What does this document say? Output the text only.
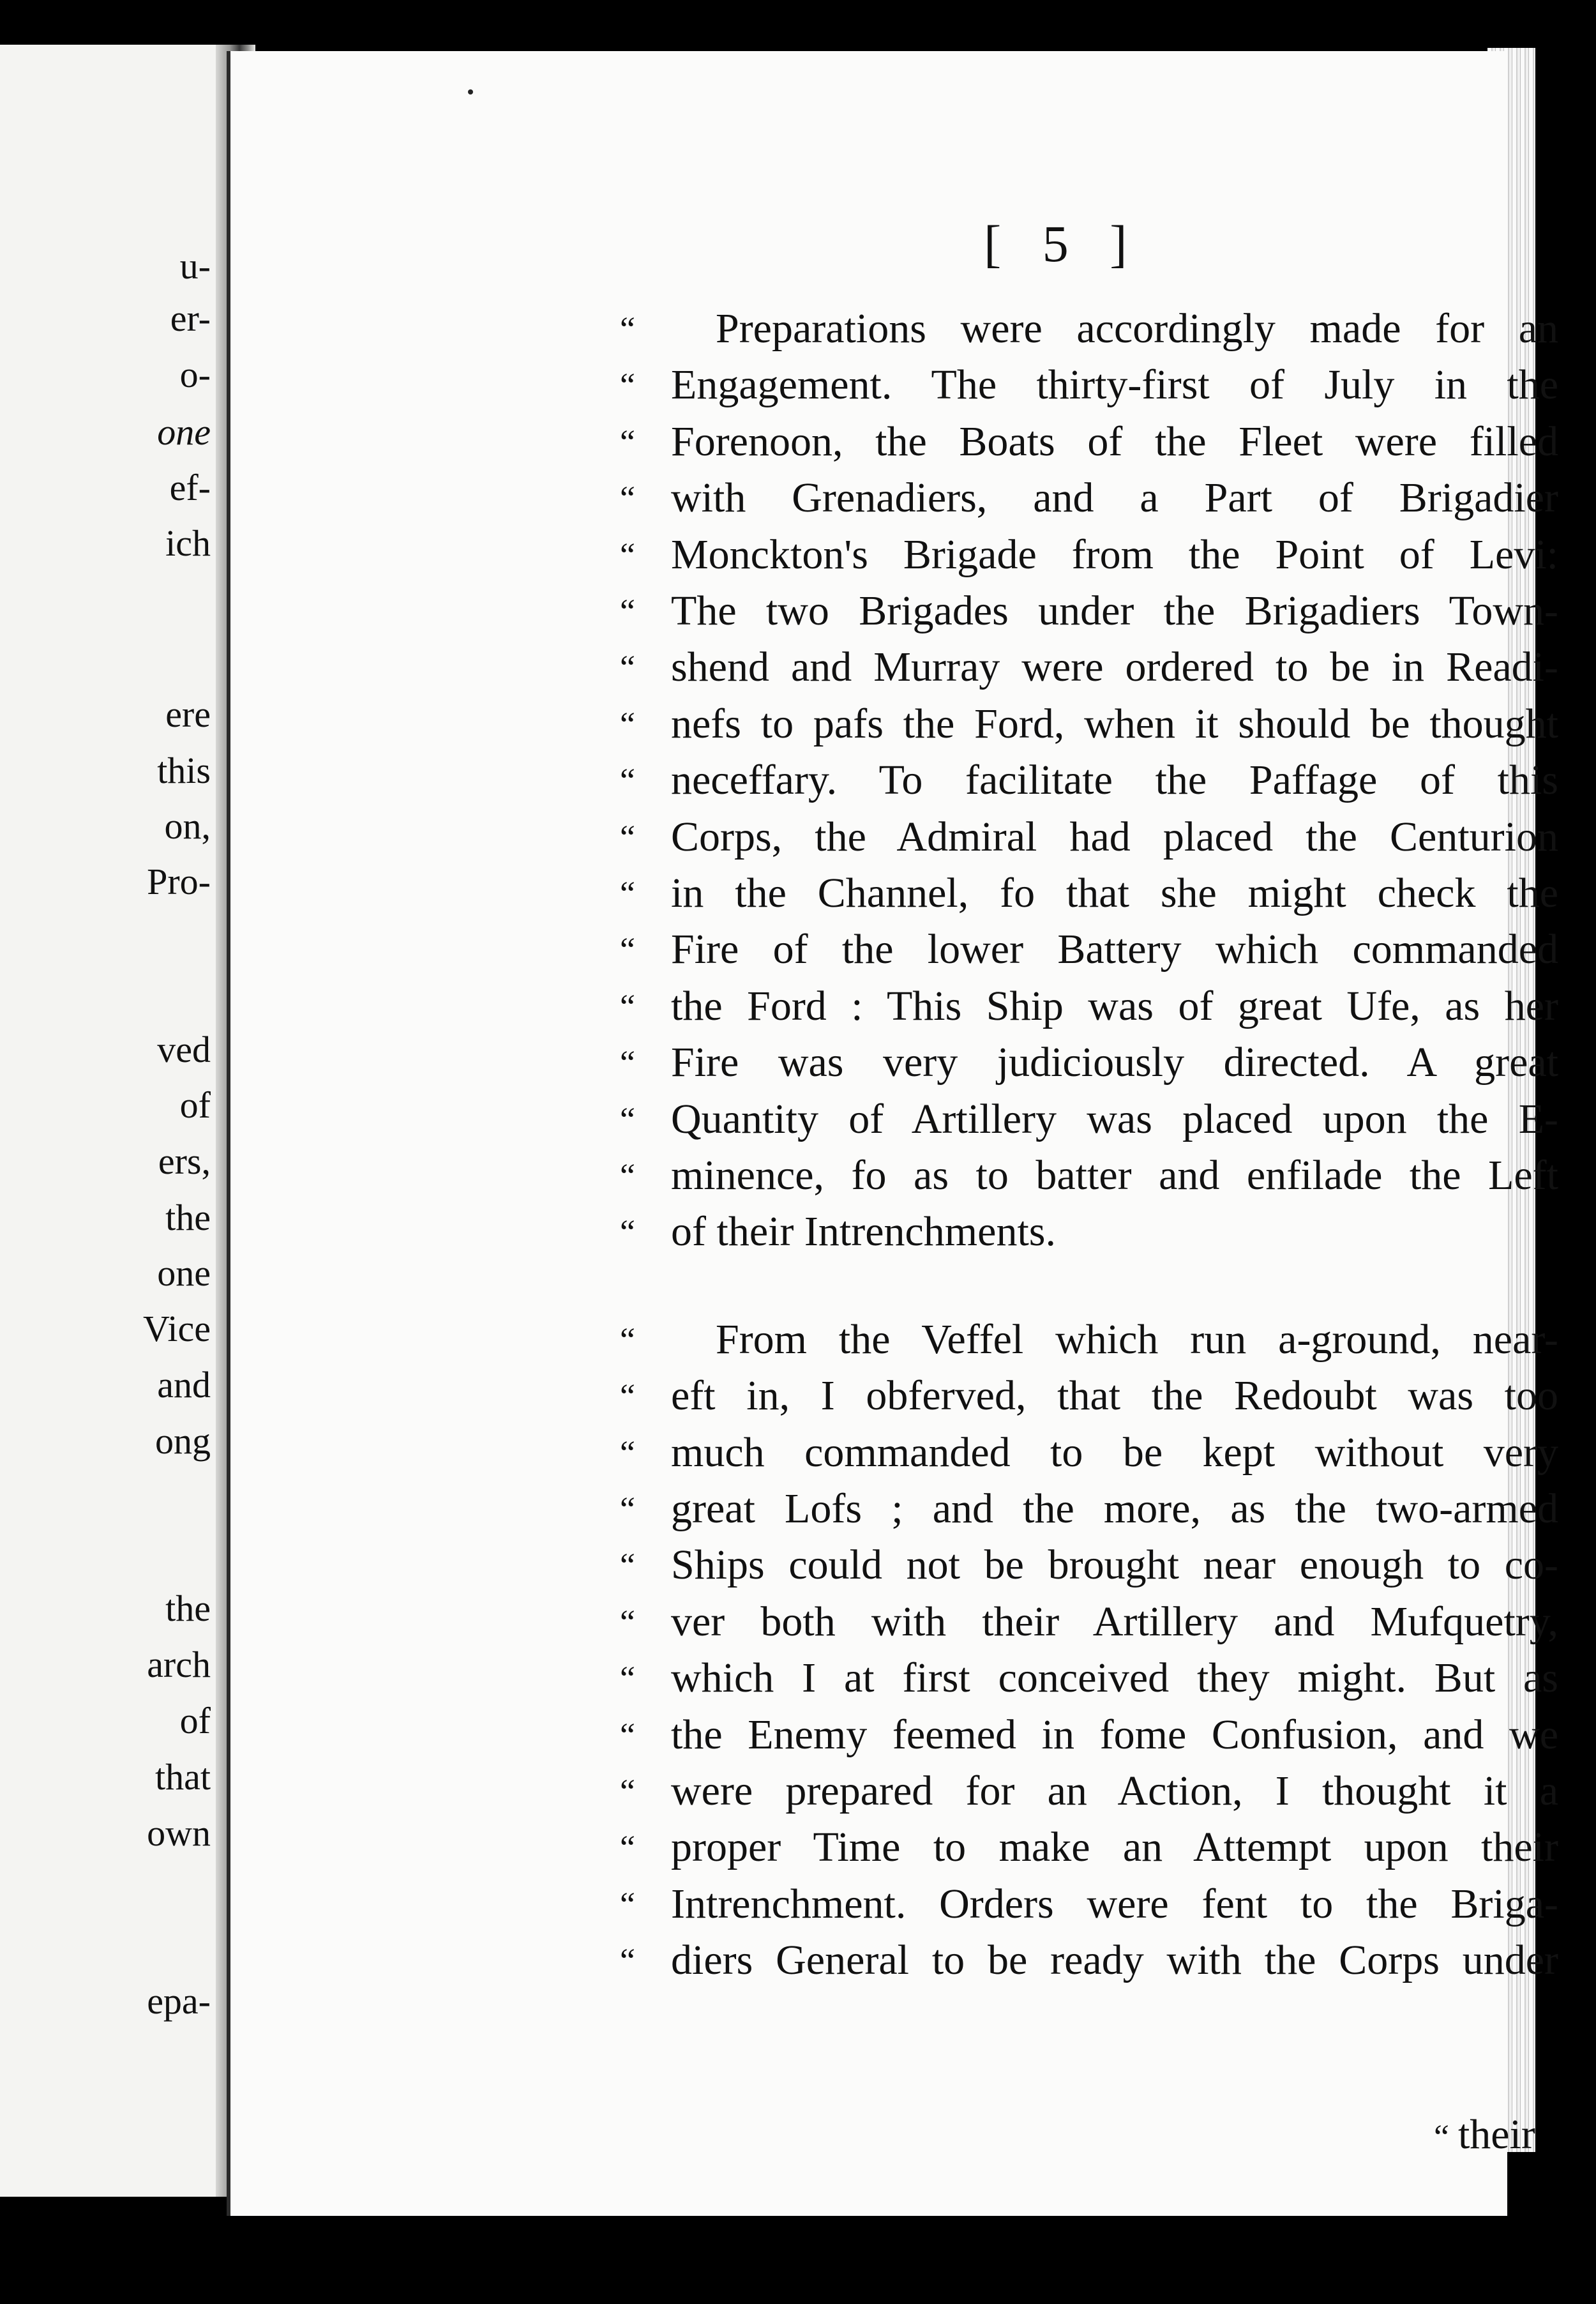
u-
er-
o-
one
ef-
ich
ere
this
on,
Pro-
ved
of
ers,
the
one
Vice
and
ong
the
arch
of
that
own
epa-
[ 5 ]
“ Preparations were accordingly made for an
“ Engagement. The thirty-first of July in the
“ Forenoon, the Boats of the Fleet were filled
“ with Grenadiers, and a Part of Brigadier
“ Monckton's Brigade from the Point of Levi:
“ The two Brigades under the Brigadiers Town-
“ shend and Murray were ordered to be in Readi-
“ nefs to pafs the Ford, when it should be thought
“ neceffary. To facilitate the Paffage of this
“ Corps, the Admiral had placed the Centurion
“ in the Channel, fo that she might check the
“ Fire of the lower Battery which commanded
“ the Ford : This Ship was of great Ufe, as her
“ Fire was very judiciously directed. A great
“ Quantity of Artillery was placed upon the E-
“ minence, fo as to batter and enfilade the Left
“ of their Intrenchments.
“ From the Veffel which run a-ground, near-
“ eft in, I obferved, that the Redoubt was too
“ much commanded to be kept without very
“ great Lofs ; and the more, as the two-armed
“ Ships could not be brought near enough to co-
“ ver both with their Artillery and Mufquetry,
“ which I at first conceived they might. But as
“ the Enemy feemed in fome Confusion, and we
“ were prepared for an Action, I thought it a
“ proper Time to make an Attempt upon their
“ Intrenchment. Orders were fent to the Briga-
“ diers General to be ready with the Corps under
“ their
